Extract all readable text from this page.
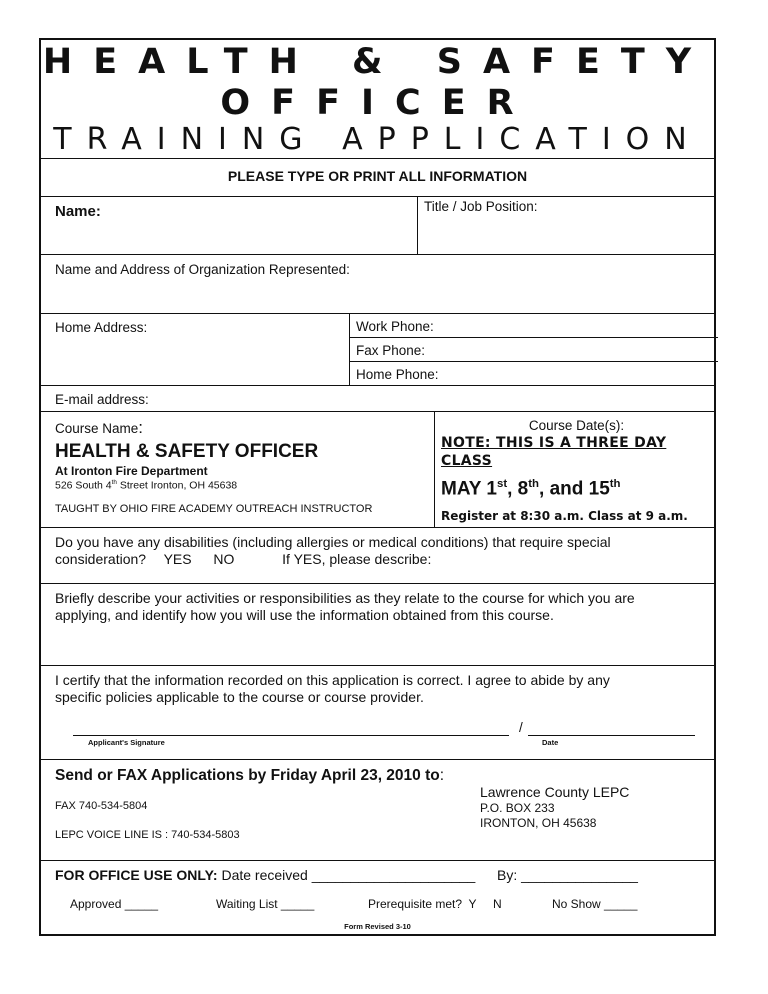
HEALTH & SAFETY
OFFICER
TRAINING APPLICATION
PLEASE TYPE OR PRINT ALL INFORMATION
Name:	Title / Job Position:
Name and Address of Organization Represented:
Home Address:	Work Phone:
Fax Phone:
Home Phone:
E-mail address:
Course Name:
HEALTH & SAFETY OFFICER
At Ironton Fire Department
526 South 4th Street Ironton, OH 45638
TAUGHT BY OHIO FIRE ACADEMY OUTREACH INSTRUCTOR
Course Date(s):
NOTE: THIS IS A THREE DAY CLASS
MAY 1st, 8th, and 15th
Register at 8:30 a.m. Class at 9 a.m.
Do you have any disabilities (including allergies or medical conditions) that require special
consideration? YES NO	If YES, please describe:
Briefly describe your activities or responsibilities as they relate to the course for which you are
applying, and identify how you will use the information obtained from this course.
I certify that the information recorded on this application is correct. I agree to abide by any
specific policies applicable to the course or course provider.
/
Applicant's Signature	Date
Send or FAX Applications by Friday April 23, 2010 to:
FAX 740-534-5804
LEPC VOICE LINE IS : 740-534-5803
Lawrence County LEPC
P.O. BOX 233
IRONTON, OH 45638
FOR OFFICE USE ONLY: Date received _____________________ By: _______________
Approved _____	Waiting List _____	Prerequisite met?  Y     N	No Show _____
Form Revised 3-10
